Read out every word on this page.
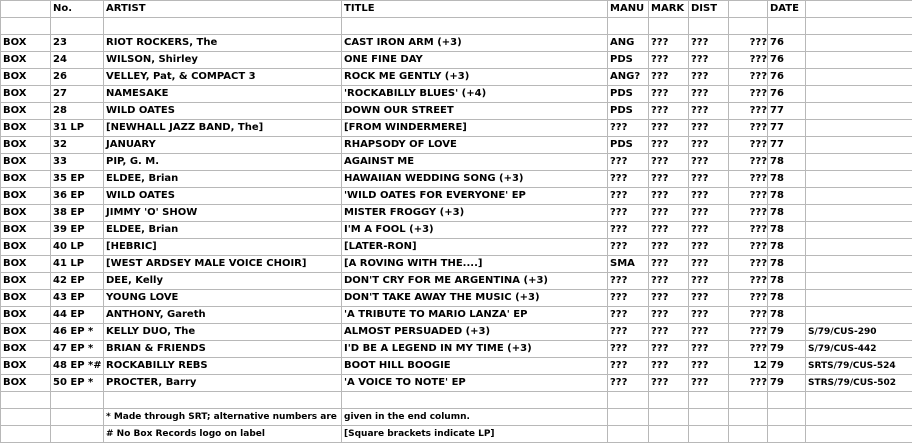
	No.	ARTIST	TITLE	MANU	MARK	DIST		DATE	

BOX	23	RIOT ROCKERS, The	CAST IRON ARM (+3)	ANG	???	???	???	76	
BOX	24	WILSON, Shirley	ONE FINE DAY	PDS	???	???	???	76	
BOX	26	VELLEY, Pat, & COMPACT 3	ROCK ME GENTLY (+3)	ANG?	???	???	???	76	
BOX	27	NAMESAKE	'ROCKABILLY BLUES' (+4)	PDS	???	???	???	76	
BOX	28	WILD OATES	DOWN OUR STREET	PDS	???	???	???	77	
BOX	31 LP	[NEWHALL JAZZ BAND, The]	[FROM WINDERMERE]	???	???	???	???	77	
BOX	32	JANUARY	RHAPSODY OF LOVE	PDS	???	???	???	77	
BOX	33	PIP, G. M.	AGAINST ME	???	???	???	???	78	
BOX	35 EP	ELDEE, Brian	HAWAIIAN WEDDING SONG (+3)	???	???	???	???	78	
BOX	36 EP	WILD OATES	'WILD OATES FOR EVERYONE' EP	???	???	???	???	78	
BOX	38 EP	JIMMY 'O' SHOW	MISTER FROGGY (+3)	???	???	???	???	78	
BOX	39 EP	ELDEE, Brian	I'M A FOOL (+3)	???	???	???	???	78	
BOX	40 LP	[HEBRIC]	[LATER-RON]	???	???	???	???	78	
BOX	41 LP	[WEST ARDSEY MALE VOICE CHOIR]	[A ROVING WITH THE....]	SMA	???	???	???	78	
BOX	42 EP	DEE, Kelly	DON'T CRY FOR ME ARGENTINA (+3)	???	???	???	???	78	
BOX	43 EP	YOUNG LOVE	DON'T TAKE AWAY THE MUSIC (+3)	???	???	???	???	78	
BOX	44 EP	ANTHONY, Gareth	'A TRIBUTE TO MARIO LANZA' EP	???	???	???	???	78	
BOX	46 EP *	KELLY DUO, The	ALMOST PERSUADED (+3)	???	???	???	???	79	S/79/CUS-290
BOX	47 EP *	BRIAN & FRIENDS	I'D BE A LEGEND IN MY TIME (+3)	???	???	???	???	79	S/79/CUS-442
BOX	48 EP *#	ROCKABILLY REBS	BOOT HILL BOOGIE	???	???	???	12	79	SRTS/79/CUS-524
BOX	50 EP *	PROCTER, Barry	'A VOICE TO NOTE' EP	???	???	???	???	79	STRS/79/CUS-502

		* Made through SRT; alternative numbers are	given in the end column.						
		# No Box Records logo on label	[Square brackets indicate LP]						
